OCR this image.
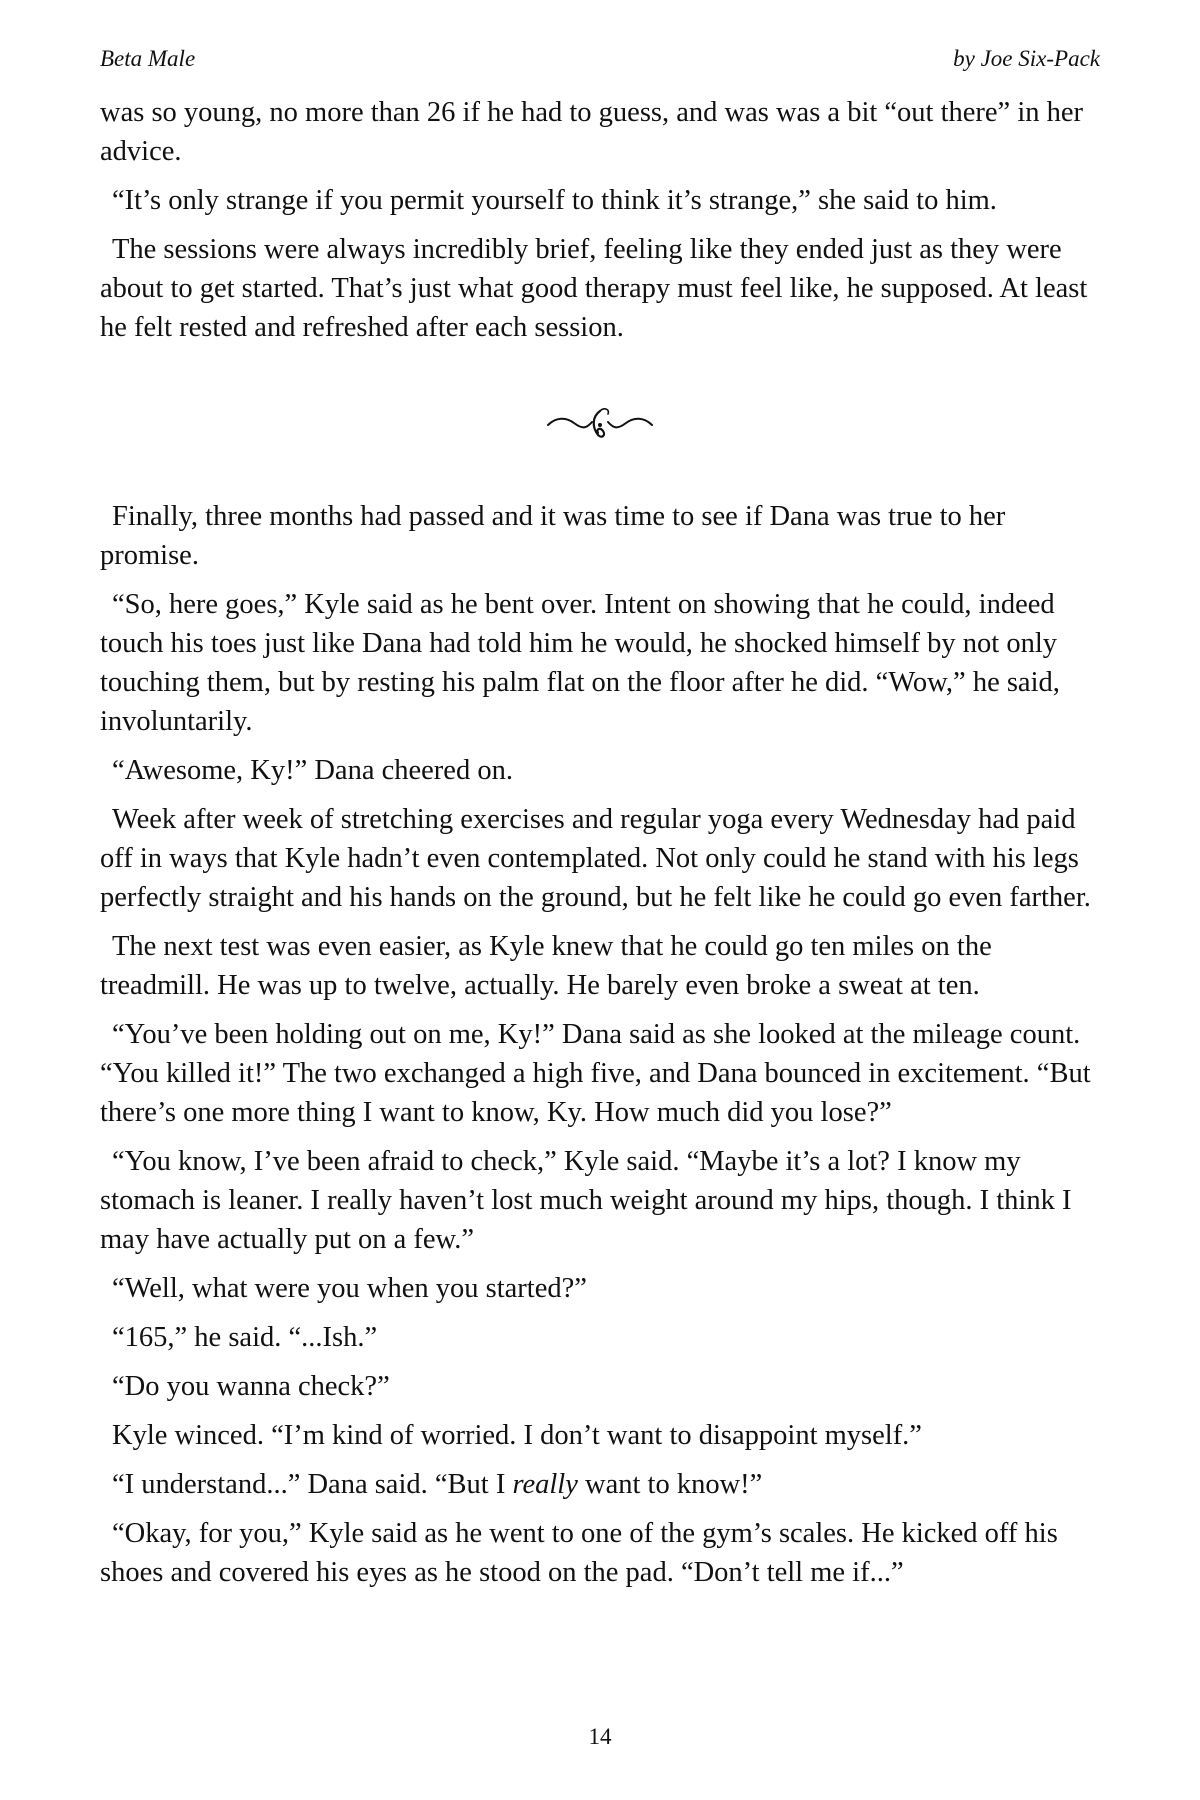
Beta Male	by Joe Six-Pack

was so young, no more than 26 if he had to guess, and was was a bit “out there” in her advice.

“It’s only strange if you permit yourself to think it’s strange,” she said to him.

The sessions were always incredibly brief, feeling like they ended just as they were about to get started. That’s just what good therapy must feel like, he supposed. At least he felt rested and refreshed after each session.

Finally, three months had passed and it was time to see if Dana was true to her promise.

“So, here goes,” Kyle said as he bent over. Intent on showing that he could, indeed touch his toes just like Dana had told him he would, he shocked himself by not only touching them, but by resting his palm flat on the floor after he did. “Wow,” he said, involuntarily.

“Awesome, Ky!” Dana cheered on.

Week after week of stretching exercises and regular yoga every Wednesday had paid off in ways that Kyle hadn’t even contemplated. Not only could he stand with his legs perfectly straight and his hands on the ground, but he felt like he could go even farther.

The next test was even easier, as Kyle knew that he could go ten miles on the treadmill. He was up to twelve, actually. He barely even broke a sweat at ten.

“You’ve been holding out on me, Ky!” Dana said as she looked at the mileage count. “You killed it!” The two exchanged a high five, and Dana bounced in excitement. “But there’s one more thing I want to know, Ky. How much did you lose?”

“You know, I’ve been afraid to check,” Kyle said. “Maybe it’s a lot? I know my stomach is leaner. I really haven’t lost much weight around my hips, though. I think I may have actually put on a few.”

“Well, what were you when you started?”

“165,” he said. “...Ish.”

“Do you wanna check?”

Kyle winced. “I’m kind of worried. I don’t want to disappoint myself.”

“I understand...” Dana said. “But I really want to know!”

“Okay, for you,” Kyle said as he went to one of the gym’s scales. He kicked off his shoes and covered his eyes as he stood on the pad. “Don’t tell me if...”

14
